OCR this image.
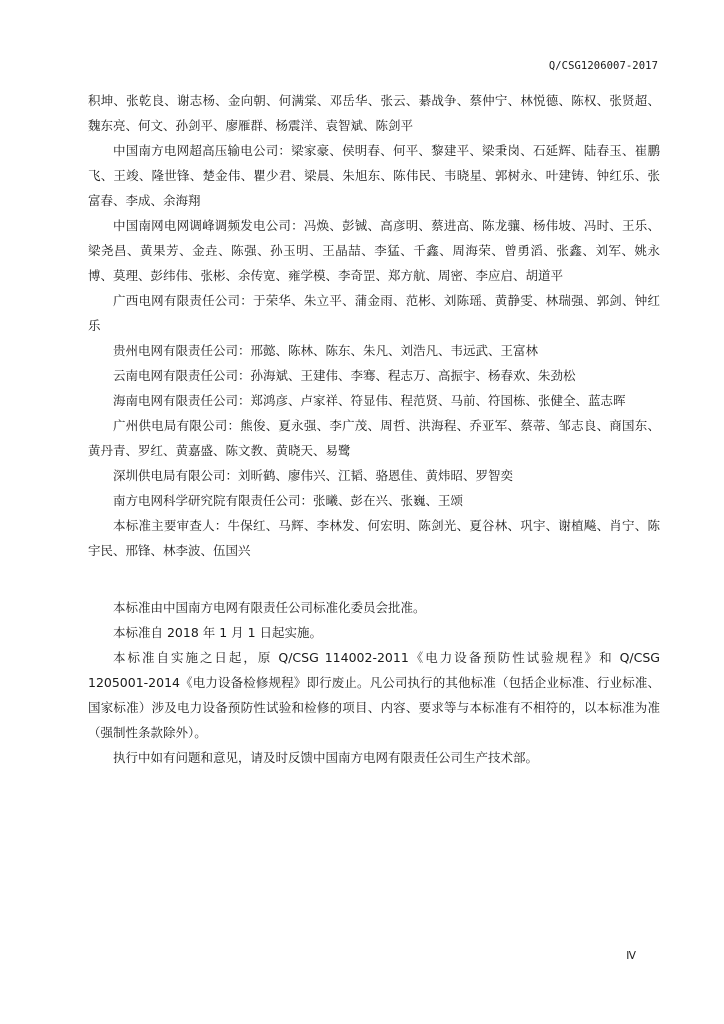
Q/CSG1206007-2017

积坤、张乾良、谢志杨、金向朝、何满棠、邓岳华、张云、綦战争、蔡仲宁、林悦德、陈权、张贤超、魏东亮、何文、孙剑平、廖雁群、杨震洋、袁智斌、陈剑平

中国南方电网超高压输电公司：梁家豪、侯明春、何平、黎建平、梁秉岗、石延辉、陆春玉、崔鹏飞、王竣、隆世锋、楚金伟、瞿少君、梁晨、朱旭东、陈伟民、韦晓星、郭树永、叶建铸、钟红乐、张富春、李成、余海翔

中国南网电网调峰调频发电公司：冯焕、彭铖、高彦明、蔡进高、陈龙骧、杨伟坡、冯时、王乐、梁尧昌、黄果芳、金垚、陈强、孙玉明、王晶喆、李猛、千鑫、周海荣、曾勇滔、张鑫、刘军、姚永博、莫理、彭纬伟、张彬、余传宽、雍学模、李奇罡、郑方航、周密、李应启、胡道平

广西电网有限责任公司：于荣华、朱立平、蒲金雨、范彬、刘陈瑶、黄静雯、林瑞强、郭剑、钟红乐

贵州电网有限责任公司：邢懿、陈林、陈东、朱凡、刘浩凡、韦远武、王富林

云南电网有限责任公司：孙海斌、王建伟、李骞、程志万、高振宇、杨春欢、朱劲松

海南电网有限责任公司：郑鸿彦、卢家祥、符显伟、程范贤、马前、符国栋、张健全、蓝志晖

广州供电局有限公司：熊俊、夏永强、李广茂、周哲、洪海程、乔亚军、蔡蒂、邹志良、商国东、黄丹青、罗红、黄嘉盛、陈文教、黄晓天、易鹭

深圳供电局有限公司：刘昕鹤、廖伟兴、江韬、骆恩佳、黄炜昭、罗智奕

南方电网科学研究院有限责任公司：张曦、彭在兴、张巍、王颂

本标准主要审查人：牛保红、马辉、李林发、何宏明、陈剑光、夏谷林、巩宇、谢植飚、肖宁、陈宇民、邢锋、林李波、伍国兴

本标准由中国南方电网有限责任公司标准化委员会批准。

本标准自 2018 年 1 月 1 日起实施。

本标准自实施之日起，原 Q/CSG 114002-2011《电力设备预防性试验规程》和 Q/CSG　1205001-2014《电力设备检修规程》即行废止。凡公司执行的其他标准（包括企业标准、行业标准、国家标准）涉及电力设备预防性试验和检修的项目、内容、要求等与本标准有不相符的，以本标准为准（强制性条款除外）。

执行中如有问题和意见，请及时反馈中国南方电网有限责任公司生产技术部。

Ⅳ
